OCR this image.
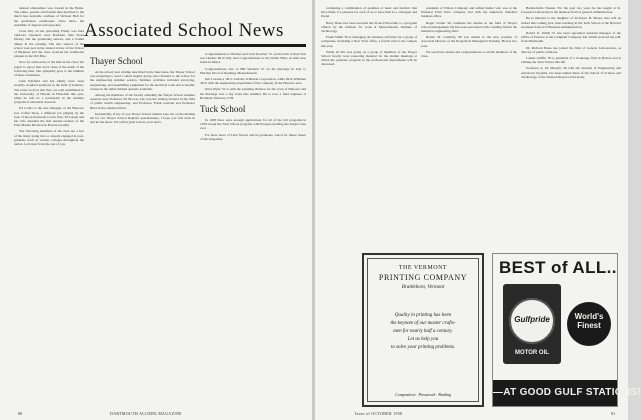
desired atmosphere was created in the Bema. The entire, parents and friends then marched to the much less desirable confines of Webster Hall for the graduation ceremonies. Once more, the ensemble of degrees and speeches.

Class Day on the preceding Friday was held outdoors. Speakers were President John Sloan Dickey and the graduating seniors, and a formal dinner in the evening. The new seniors of the school took part in the annual review of the School of Business and the class received the traditional plaques in the Old Pine.

Now for some news of the men in the class. We regret to report that word came of the death of the following men. Our sympathy goes to the families of these classmates.

John Fairfield and his family have been recently acquired positions in the field of industry. The latest word is that they are well established in the University of Hawaii in Honolulu this year, while he will be a participant in the summer program of education research.

Ed Coallo is the new manager of the Hanover Gas Coffee Shop, a different job judging by the look of his professional Coach Stan, Ed Gauge and his wife attended the first annual reunion of the First Marine Division in Boston recently.

The following members of the class are a few of the many going into or already engaged in post-graduate work in various colleges throughout the nation. Let's hear from the rest of you.

Associated School News
Thayer School

At the school year windup described in the June issue, the Thayer School was preparing to send a small August group who returned to the school for the engineering summer session. Summer activities included surveying, engineering, and assembling equipment for the electrical work and economic classes in the rather limited quarters available.

Among the members of the faculty attending the Thayer School summer sessions were Professor Ed Brown, who was the visiting lecturer in the field of public health engineering, and Professor Frank Garland and Professor Hurd in the chemical field.

Incidentally, if any of you Thayer School alumni were not on the mailing list for our Thayer School Register questionnaire, I hope you will write in and let me know. We will be glad to have your news.

Congratulations to Barbara and Tom Treacher '51 on the birth of their first son Thomas III in July. And congratulations to the Walter Harts on their new home in Ithaca.

Congratulations also to Bill Wieland '47 on his marriage in July to Marilyn Wood of Reading, Massachusetts.

Jim Lawrence '48 is with the Whitman Corporation, while Dick Whitman '48 is with the engineering department of the company in the Hanover area.

Dave Hyde '51 is with the planning division for the town of Hanover and his marriage was a big event this summer. He is now a field engineer at Bermuda. Hanover, N.H.

Tuck School

In 1958 there were enough applications for all of the fall programs in 1959 except the Tuck School program, which began enrolling the largest class ever.

For more news of Tuck School and its graduates, watch for future issues of this magazine.

80	DARTMOUTH ALUMNI MAGAZINE

containing a combination of qualities of heart and intellect that have made it a pleasure for each of us to have him as a colleague and friend.

Harry Bates has been awarded the Sloan Fellowship to a program offered by the institute for work at Massachusetts Institute of Technology.

Frank Smith '36 is managing the business activities for a group of companies, including a New York office, a fourth visit to the campus this year.

While all this was going on a group of members of the Thayer School faculty were preparing material for the alumni meetings at which the graduate program in the professional departments will be discussed.

president of Wilson Company and Alfred Keller who was at the National Fruit Juice company and with the American Standard business office.

Roger Jordan '49 continues his studies in the field of Thayer School management. He has been associated with a leading firm in the industrial engineering field.

Robert M. Leaming '48 was named to the new position of Associate Director of the Program in Managerial Training. He has two sons.

We send best wishes and congratulations to all the members of the class.

Burma-India Theater. For the past two years he has taught at St. Lawrence University in the business field of general administration.

He is married to the daughter of Professor B. Moses who will be retired this coming year from teaching in the Tuck School at the Harvard Graduate School of Business Administration.

Robert K. Walsh '51 has been appointed assistant manager of the Office of Finance at the Campbell Company. Mr. Walsh received his A.B. from Dartmouth.

Dr. Richard Bates has joined the firm of Lederle Laboratories, as director of public relations.

Lennie Griffin '50 is president of a brokerage firm in Boston and is visiting the Tuck School this fall.

Professor A. M. Murphy '48 with the division of Engineering and Advanced Systems, has been named Dean of the School of Science and Technology of the Western Reserve University.

Issue of OCTOBER 1958	81
THE VERMONT
PRINTING COMPANY
Brattleboro, Vermont
Quality in printing has been
the keynote of our master crafts-
men for nearly half a century.
Let us help you
to solve your printing problems.
Composition · Presswork · Binding
BEST of ALL..
Gulfpride
MOTOR OIL
World's Finest
—AT GOOD GULF STATIONS!
